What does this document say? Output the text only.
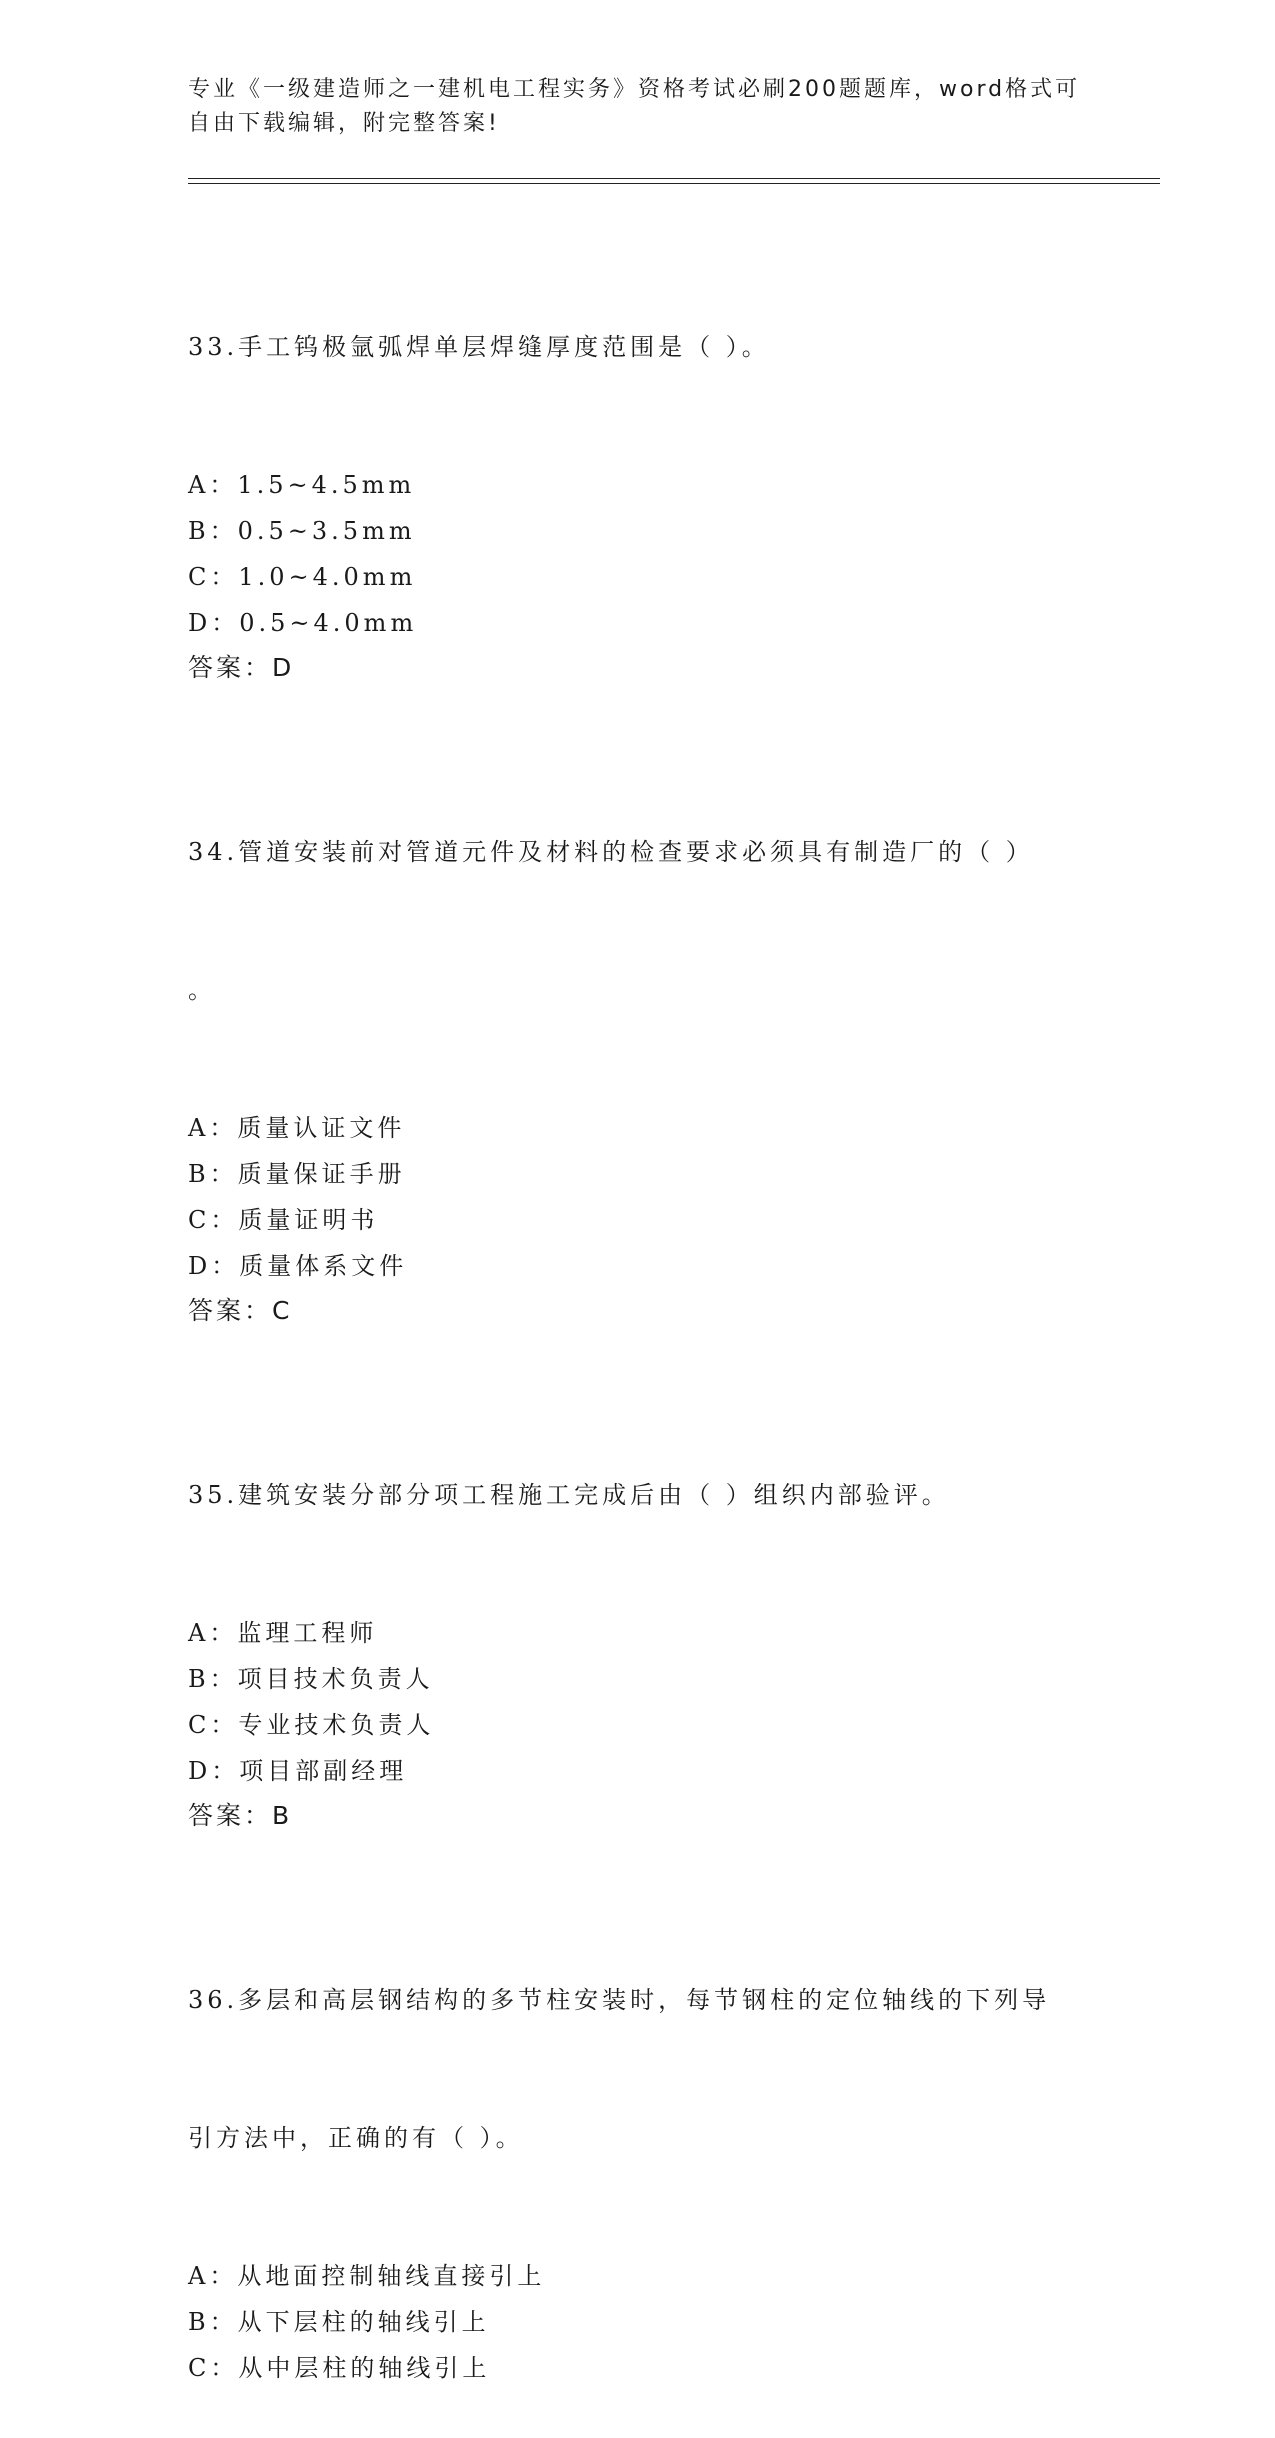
专业《一级建造师之一建机电工程实务》资格考试必刷200题题库，word格式可
自由下载编辑，附完整答案!

33.手工钨极氩弧焊单层焊缝厚度范围是（ ）。

A：1.5~4.5mm
B：0.5~3.5mm
C：1.0~4.0mm
D：0.5~4.0mm
答案：D

34.管道安装前对管道元件及材料的检查要求必须具有制造厂的（ ）

。

A：质量认证文件
B：质量保证手册
C：质量证明书
D：质量体系文件
答案：C

35.建筑安装分部分项工程施工完成后由（ ）组织内部验评。

A：监理工程师
B：项目技术负责人
C：专业技术负责人
D：项目部副经理
答案：B

36.多层和高层钢结构的多节柱安装时，每节钢柱的定位轴线的下列导

引方法中，正确的有（ ）。

A：从地面控制轴线直接引上
B：从下层柱的轴线引上
C：从中层柱的轴线引上
